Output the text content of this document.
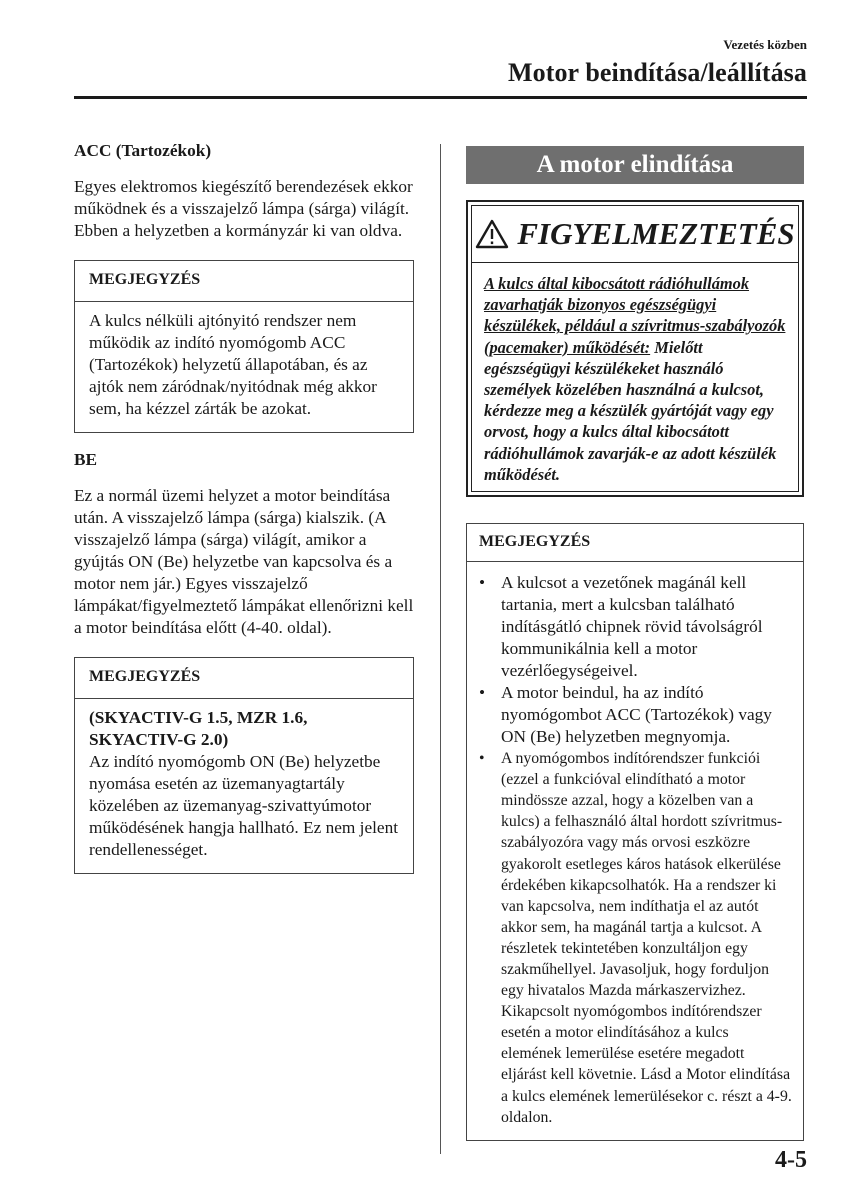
Vezetés közben
Motor beindítása/leállítása

ACC (Tartozékok)

Egyes elektromos kiegészítő berendezések ekkor működnek és a visszajelző lámpa (sárga) világít. Ebben a helyzetben a kormányzár ki van oldva.

MEGJEGYZÉS
A kulcs nélküli ajtónyitó rendszer nem működik az indító nyomógomb ACC (Tartozékok) helyzetű állapotában, és az ajtók nem záródnak/nyitódnak még akkor sem, ha kézzel zárták be azokat.

BE

Ez a normál üzemi helyzet a motor beindítása után. A visszajelző lámpa (sárga) kialszik. (A visszajelző lámpa (sárga) világít, amikor a gyújtás ON (Be) helyzetbe van kapcsolva és a motor nem jár.) Egyes visszajelző lámpákat/figyelmeztető lámpákat ellenőrizni kell a motor beindítása előtt (4-40. oldal).

MEGJEGYZÉS
(SKYACTIV-G 1.5, MZR 1.6, SKYACTIV-G 2.0)
Az indító nyomógomb ON (Be) helyzetbe nyomása esetén az üzemanyagtartály közelében az üzemanyag-szivattyúmotor működésének hangja hallható. Ez nem jelent rendellenességet.
A motor elindítása
FIGYELMEZTETÉS
A kulcs által kibocsátott rádióhullámok zavarhatják bizonyos egészségügyi készülékek, például a szívritmus-szabályozók (pacemaker) működését: Mielőtt egészségügyi készülékeket használó személyek közelében használná a kulcsot, kérdezze meg a készülék gyártóját vagy egy orvost, hogy a kulcs által kibocsátott rádióhullámok zavarják-e az adott készülék működését.
MEGJEGYZÉS
• A kulcsot a vezetőnek magánál kell tartania, mert a kulcsban található indításgátló chipnek rövid távolságról kommunikálnia kell a motor vezérlőegységeivel.
• A motor beindul, ha az indító nyomógombot ACC (Tartozékok) vagy ON (Be) helyzetben megnyomja.
• A nyomógombos indítórendszer funkciói (ezzel a funkcióval elindítható a motor mindössze azzal, hogy a közelben van a kulcs) a felhasználó által hordott szívritmus-szabályozóra vagy más orvosi eszközre gyakorolt esetleges káros hatások elkerülése érdekében kikapcsolhatók. Ha a rendszer ki van kapcsolva, nem indíthatja el az autót akkor sem, ha magánál tartja a kulcsot. A részletek tekintetében konzultáljon egy szakműhellyel. Javasoljuk, hogy forduljon egy hivatalos Mazda márkaszervizhez. Kikapcsolt nyomógombos indítórendszer esetén a motor elindításához a kulcs elemének lemerülése esetére megadott eljárást kell követnie. Lásd a Motor elindítása a kulcs elemének lemerülésekor c. részt a 4-9. oldalon.
4-5
